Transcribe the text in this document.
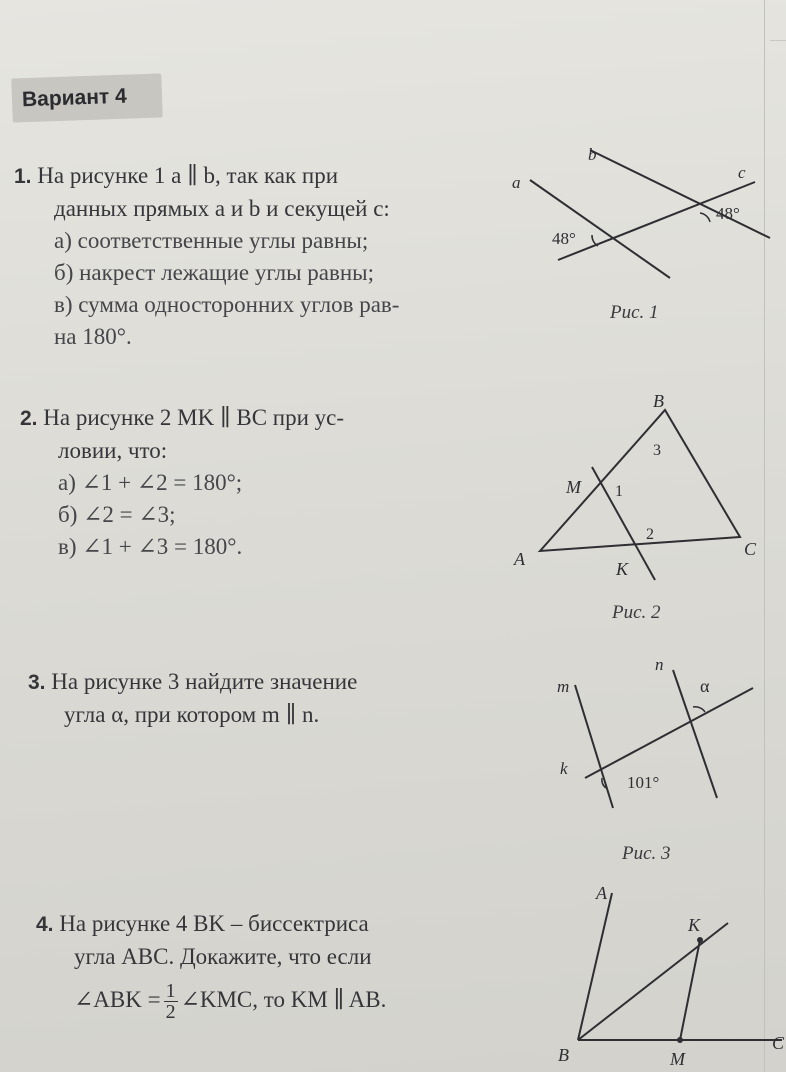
Вариант 4
1. На рисунке 1 a ∥ b, так как при
данных прямых a и b и секущей c:
а) соответственные углы равны;
б) накрест лежащие углы равны;
в) сумма односторонних углов рав-
на 180°.
a
b
c
48°
48°
Рис. 1
2. На рисунке 2 MK ∥ BC при ус-
ловии, что:
а) ∠1 + ∠2 = 180°;
б) ∠2 = ∠3;
в) ∠1 + ∠3 = 180°.
B
A	C
M
K
1
2
3
Рис. 2
3. На рисунке 3 найдите значение
угла α, при котором m ∥ n.
m
n
k
α
101°
Рис. 3
4. На рисунке 4 BK – биссектриса
угла ABC. Докажите, что если
∠ABK = $\frac{1}{2}$ ∠KMC, то KM ∥ AB.
A
B
C
K
M
